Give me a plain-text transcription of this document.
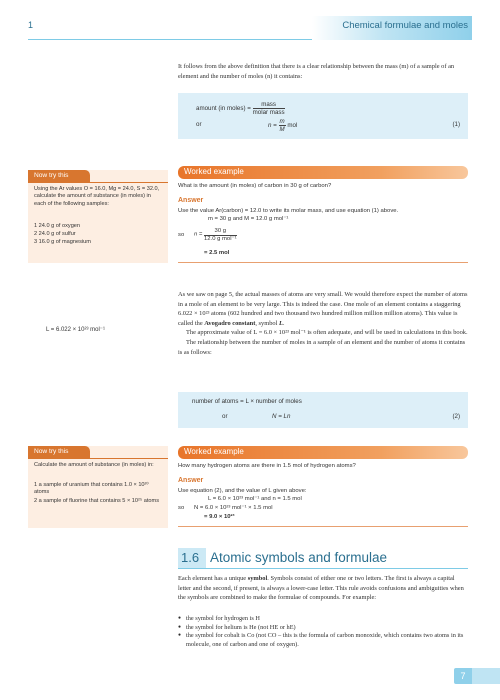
1	Chemical formulae and moles

It follows from the above definition that there is a clear relationship between the mass (m) of a sample of an element and the number of moles (n) it contains:

amount (in moles) = $\frac{\text{mass}}{\text{molar mass}}$
or	$n = \frac{m}{M}$ mol	(1)
Now try this
Using the Ar values O = 16.0, Mg = 24.0, S = 32.0, calculate the amount of substance (in moles) in each of the following samples:
1 24.0 g of oxygen
2 24.0 g of sulfur
3 16.0 g of magnesium
Worked example
What is the amount (in moles) of carbon in 30 g of carbon?
Answer
Use the value Ar(carbon) = 12.0 to write its molar mass, and use equation (1) above.
m = 30 g and M = 12.0 g mol⁻¹
so	$n = \frac{30 g}{\text{12.0 g mol⁻¹}}$
= 2.5 mol
L = 6.022 × 10²³ mol⁻¹

As we saw on page 5, the actual masses of atoms are very small. We would therefore expect the number of atoms in a mole of an element to be very large. This is indeed the case. One mole of an element contains a staggering 6.022 × 10²³ atoms (602 hundred and two thousand two hundred million million million atoms). This value is called the Avogadro constant, symbol L.

The approximate value of L = 6.0 × 10²³ mol⁻¹ is often adequate, and will be used in calculations in this book.

The relationship between the number of moles in a sample of an element and the number of atoms it contains is as follows:

number of atoms = L × number of moles
or	N = Ln	(2)
Now try this
Calculate the amount of substance (in moles) in:
1 a sample of uranium that contains 1.0 × 10²⁰ atoms
2 a sample of fluorine that contains 5 × 10²⁵ atoms
Worked example
How many hydrogen atoms are there in 1.5 mol of hydrogen atoms?
Answer
Use equation (2), and the value of L given above:
L = 6.0 × 10²³ mol⁻¹ and n = 1.5 mol
so	N = 6.0 × 10²³ mol⁻¹ × 1.5 mol
= 9.0 × 10²³
1.6 Atomic symbols and formulae

Each element has a unique symbol. Symbols consist of either one or two letters. The first is always a capital letter and the second, if present, is always a lower-case letter. This rule avoids confusions and ambiguities when the symbols are combined to make the formulae of compounds. For example:

● the symbol for hydrogen is H
● the symbol for helium is He (not HE or hE)
● the symbol for cobalt is Co (not CO – this is the formula of carbon monoxide, which contains two atoms in its molecule, one of carbon and one of oxygen).
7
